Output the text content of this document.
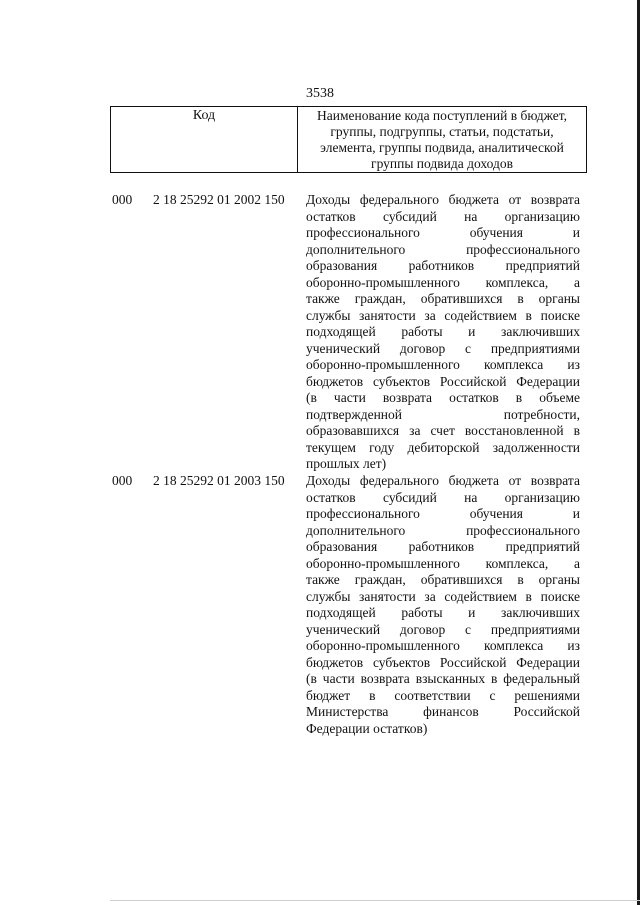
3538
Код	Наименование кода поступлений в бюджет,
группы, подгруппы, статьи, подстатьи,
элемента, группы подвида, аналитической
группы подвида доходов
000 2 18 25292 01 2002 150 Доходы федерального бюджета от возврата
остатков субсидий на организацию
профессионального обучения и
дополнительного профессионального
образования работников предприятий
оборонно-промышленного комплекса, а
также граждан, обратившихся в органы
службы занятости за содействием в поиске
подходящей работы и заключивших
ученический договор с предприятиями
оборонно-промышленного комплекса из
бюджетов субъектов Российской Федерации
(в части возврата остатков в объеме
подтвержденной потребности,
образовавшихся за счет восстановленной в
текущем году дебиторской задолженности
прошлых лет)
000 2 18 25292 01 2003 150 Доходы федерального бюджета от возврата
остатков субсидий на организацию
профессионального обучения и
дополнительного профессионального
образования работников предприятий
оборонно-промышленного комплекса, а
также граждан, обратившихся в органы
службы занятости за содействием в поиске
подходящей работы и заключивших
ученический договор с предприятиями
оборонно-промышленного комплекса из
бюджетов субъектов Российской Федерации
(в части возврата взысканных в федеральный
бюджет в соответствии с решениями
Министерства финансов Российской
Федерации остатков)
